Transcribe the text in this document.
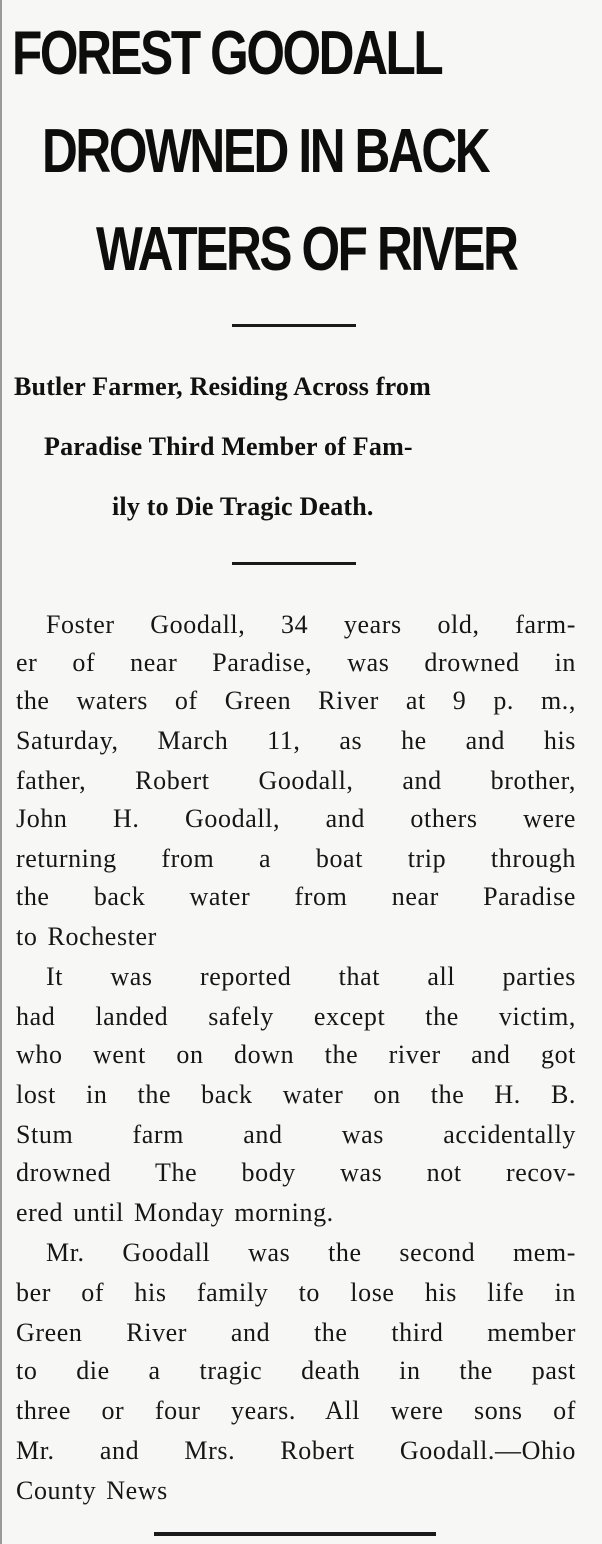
FOREST GOODALL
DROWNED IN BACK
WATERS OF RIVER
Butler Farmer, Residing Across from
Paradise Third Member of Fam-
ily to Die Tragic Death.
Foster Goodall, 34 years old, farm-
er of near Paradise, was drowned in
the waters of Green River at 9 p. m.,
Saturday, March 11, as he and his
father, Robert Goodall, and brother,
John H. Goodall, and others were
returning from a boat trip through
the back water from near Paradise
to Rochester
It was reported that all parties
had landed safely except the victim,
who went on down the river and got
lost in the back water on the H. B.
Stum farm and was accidentally
drowned The body was not recov-
ered until Monday morning.
Mr. Goodall was the second mem-
ber of his family to lose his life in
Green River and the third member
to die a tragic death in the past
three or four years. All were sons of
Mr. and Mrs. Robert Goodall.—Ohio
County News
